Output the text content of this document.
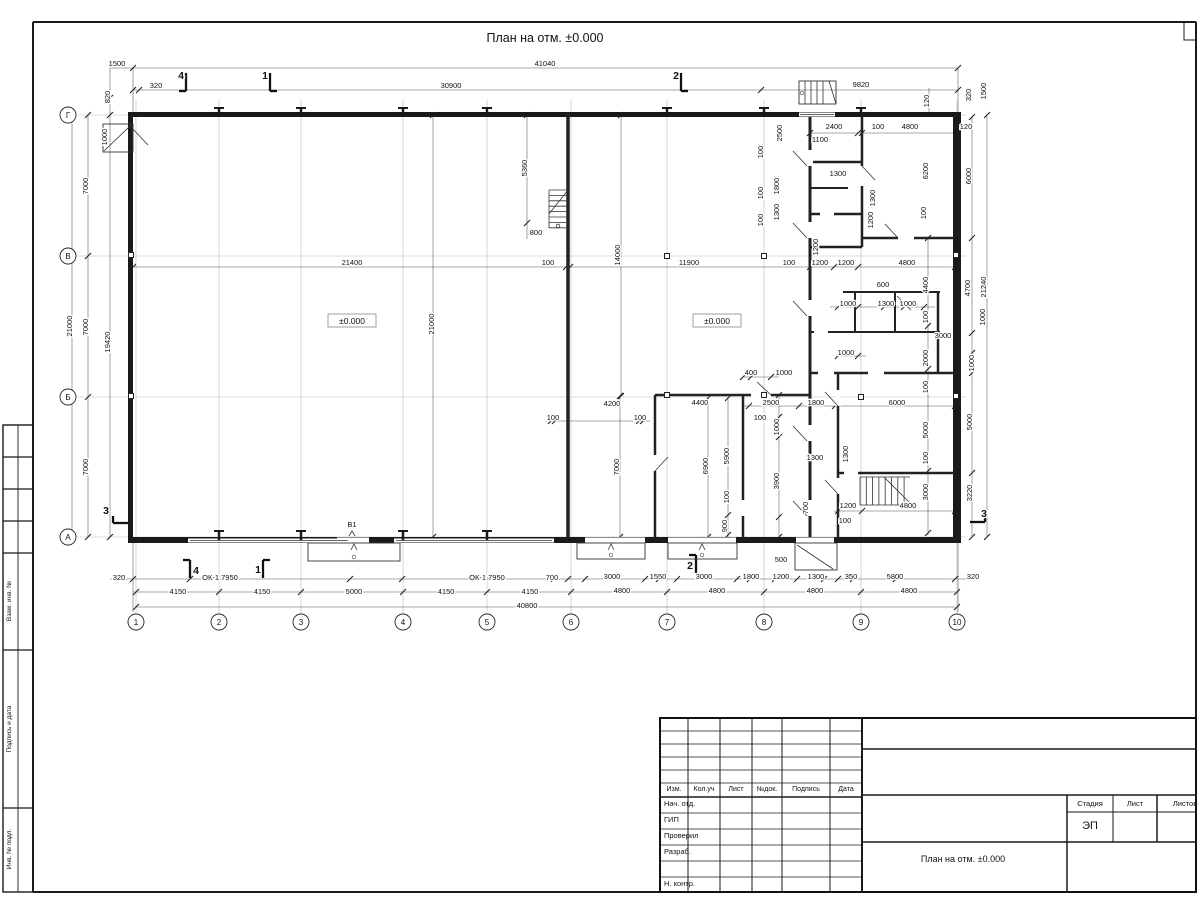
План на отм. ±0.000
41040
1500
320	30900	9820
820	120	320 1500
1000
7000
7000
21000
19420
7000
120
6000
4700 21240
1000
1000
5000
3220
21400
21000
5360
800
100	14000	11900	100 1200 1200	4800
1200
400 1000
4200
100	100
4400	2500
100
7000	6900
5900
100
900
1000
2400	100 4800
1100
2500
100
1300
1800
100
1300
100
6200
1300
1200	100
4400
600
1000	1300 1000
100
3000
2000
1000
100
1800	6000
5000
100
3900
1300 1300
3000
700	1200
100
4800
500
В1
320	ОК-1 7950	ОК-1 7950	700	3000	1550	3000	1800 1200 1300	350	5800	320
4150	4150	5000	4150	4150	4800	4800	4800	4800
40800
±0.000	±0.000
4	1	2
4	1	2
3	3
1	2	3	4	5	6	7	8	9	10
Г
В
Б
А
Изм. Кол.уч Лист №док. Подпись	Дата
Нач. отд.
ГИП
Проверил
Разраб.
Н. контр.
Стадия	Лист	Листов
ЭП
План на отм. ±0.000
Взам. инв. №
Подпись и дата
Инв. № подл.
